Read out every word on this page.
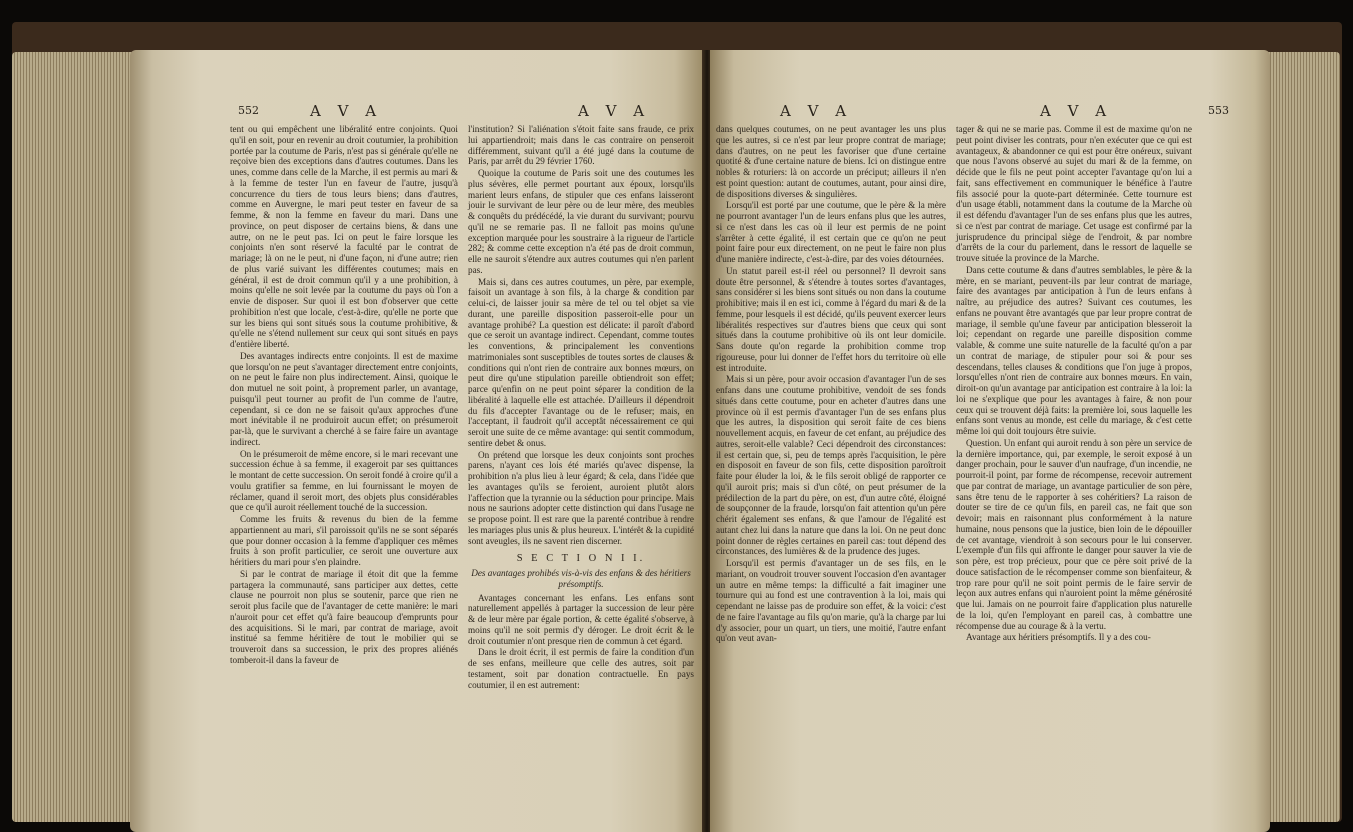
552	A V A	A V A

tent ou qui empêchent une libéralité entre conjoints. Quoi qu'il en soit, pour en revenir au droit coutumier, la prohibition portée par la coutume de Paris, n'est pas si générale qu'elle ne reçoive bien des exceptions dans d'autres coutumes. Dans les unes, comme dans celle de la Marche, il est permis au mari & à la femme de tester l'un en faveur de l'autre, jusqu'à concurrence du tiers de tous leurs biens; dans d'autres, comme en Auvergne, le mari peut tester en faveur de sa femme, & non la femme en faveur du mari. Dans une province, on peut disposer de certains biens, & dans une autre, on ne le peut pas. Ici on peut le faire lorsque les conjoints n'en sont réservé la faculté par le contrat de mariage; là on ne le peut, ni d'une façon, ni d'une autre; rien de plus varié suivant les différentes coutumes; mais en général, il est de droit commun qu'il y a une prohibition, à moins qu'elle ne soit levée par la coutume du pays où l'on a envie de disposer. Sur quoi il est bon d'observer que cette prohibition n'est que locale, c'est-à-dire, qu'elle ne porte que sur les biens qui sont situés sous la coutume prohibitive, & qu'elle ne s'étend nullement sur ceux qui sont situés en pays d'entière liberté.

Des avantages indirects entre conjoints. Il est de maxime que lorsqu'on ne peut s'avantager directement entre conjoints, on ne peut le faire non plus indirectement. Ainsi, quoique le don mutuel ne soit point, à proprement parler, un avantage, puisqu'il peut tourner au profit de l'un comme de l'autre, cependant, si ce don ne se faisoit qu'aux approches d'une mort inévitable il ne produiroit aucun effet; on présumeroit par-là, que le survivant a cherché à se faire faire un avantage indirect.

On le présumeroit de même encore, si le mari recevant une succession échue à sa femme, il exageroit par ses quittances le montant de cette succession. On seroit fondé à croire qu'il a voulu gratifier sa femme, en lui fournissant le moyen de réclamer, quand il seroit mort, des objets plus considérables que ce qu'il auroit réellement touché de la succession.

Comme les fruits & revenus du bien de la femme appartiennent au mari, s'il paroissoit qu'ils ne se sont séparés que pour donner occasion à la femme d'appliquer ces mêmes fruits à son profit particulier, ce seroit une ouverture aux héritiers du mari pour s'en plaindre.

Si par le contrat de mariage il étoit dit que la femme partagera la communauté, sans participer aux dettes, cette clause ne pourroit non plus se soutenir, parce que rien ne seroit plus facile que de l'avantager de cette manière: le mari n'auroit pour cet effet qu'à faire beaucoup d'emprunts pour des acquisitions. Si le mari, par contrat de mariage, avoit institué sa femme héritière de tout le mobilier qui se trouveroit dans sa succession, le prix des propres aliénés tomberoit-il dans la faveur de

l'institution? Si l'aliénation s'étoit faite sans fraude, ce prix lui appartiendroit; mais dans le cas contraire on penseroit différemment, suivant qu'il a été jugé dans la coutume de Paris, par arrêt du 29 février 1760.

Quoique la coutume de Paris soit une des coutumes les plus sévères, elle permet pourtant aux époux, lorsqu'ils marient leurs enfans, de stipuler que ces enfans laisseront jouir le survivant de leur père ou de leur mère, des meubles & conquêts du prédécédé, la vie durant du survivant; pourvu qu'il ne se remarie pas. Il ne falloit pas moins qu'une exception marquée pour les soustraire à la rigueur de l'article 282; & comme cette exception n'a été pas de droit commun, elle ne sauroit s'étendre aux autres coutumes qui n'en parlent pas.

Mais si, dans ces autres coutumes, un père, par exemple, faisoit un avantage à son fils, à la charge & condition par celui-ci, de laisser jouir sa mère de tel ou tel objet sa vie durant, une pareille disposition passeroit-elle pour un avantage prohibé? La question est délicate: il paroît d'abord que ce seroit un avantage indirect. Cependant, comme toutes les conventions, & principalement les conventions matrimoniales sont susceptibles de toutes sortes de clauses & conditions qui n'ont rien de contraire aux bonnes mœurs, on peut dire qu'une stipulation pareille obtiendroit son effet; parce qu'enfin on ne peut point séparer la condition de la libéralité à laquelle elle est attachée. D'ailleurs il dépendroit du fils d'accepter l'avantage ou de le refuser; mais, en l'acceptant, il faudroit qu'il acceptât nécessairement ce qui seroit une suite de ce même avantage: qui sentit commodum, sentire debet & onus.

On prétend que lorsque les deux conjoints sont proches parens, n'ayant ces lois été mariés qu'avec dispense, la prohibition n'a plus lieu à leur égard; & cela, dans l'idée que les avantages qu'ils se feroient, auroient plutôt alors l'affection que la tyrannie ou la séduction pour principe. Mais nous ne saurions adopter cette distinction qui dans l'usage ne se propose point. Il est rare que la parenté contribue à rendre les mariages plus unis & plus heureux. L'intérêt & la cupidité sont aveugles, ils ne savent rien discerner.

S E C T I O N I I.
Des avantages prohibés vis-à-vis des enfans & des héritiers présomptifs.

Avantages concernant les enfans. Les enfans sont naturellement appellés à partager la succession de leur père & de leur mère par égale portion, & cette égalité s'observe, à moins qu'il ne soit permis d'y déroger. Le droit écrit & le droit coutumier n'ont presque rien de commun à cet égard.

Dans le droit écrit, il est permis de faire la condition d'un de ses enfans, meilleure que celle des autres, soit par testament, soit par donation contractuelle. En pays coutumier, il en est autrement:

A V A	A V A	553

dans quelques coutumes, on ne peut avantager les uns plus que les autres, si ce n'est par leur propre contrat de mariage; dans d'autres, on ne peut les favoriser que d'une certaine quotité & d'une certaine nature de biens. Ici on distingue entre nobles & roturiers: là on accorde un préciput; ailleurs il n'en est point question: autant de coutumes, autant, pour ainsi dire, de dispositions diverses & singulières.

Lorsqu'il est porté par une coutume, que le père & la mère ne pourront avantager l'un de leurs enfans plus que les autres, si ce n'est dans les cas où il leur est permis de ne point s'arrêter à cette égalité, il est certain que ce qu'on ne peut point faire pour eux directement, on ne peut le faire non plus d'une manière indirecte, c'est-à-dire, par des voies détournées.

Un statut pareil est-il réel ou personnel? Il devroit sans doute être personnel, & s'étendre à toutes sortes d'avantages, sans considérer si les biens sont situés ou non dans la coutume prohibitive; mais il en est ici, comme à l'égard du mari & de la femme, pour lesquels il est décidé, qu'ils peuvent exercer leurs libéralités respectives sur d'autres biens que ceux qui sont situés dans la coutume prohibitive où ils ont leur domicile. Sans doute qu'on regarde la prohibition comme trop rigoureuse, pour lui donner de l'effet hors du territoire où elle est introduite.

Mais si un père, pour avoir occasion d'avantager l'un de ses enfans dans une coutume prohibitive, vendoit de ses fonds situés dans cette coutume, pour en acheter d'autres dans une province où il est permis d'avantager l'un de ses enfans plus que les autres, la disposition qui seroit faite de ces biens nouvellement acquis, en faveur de cet enfant, au préjudice des autres, seroit-elle valable? Ceci dépendroit des circonstances: il est certain que, si, peu de temps après l'acquisition, le père en disposoit en faveur de son fils, cette disposition paroîtroit faite pour éluder la loi, & le fils seroit obligé de rapporter ce qu'il auroit pris; mais si d'un côté, on peut présumer de la prédilection de la part du père, on est, d'un autre côté, éloigné de soupçonner de la fraude, lorsqu'on fait attention qu'un père chérit également ses enfans, & que l'amour de l'égalité est autant chez lui dans la nature que dans la loi. On ne peut donc point donner de règles certaines en pareil cas: tout dépend des circonstances, des lumières & de la prudence des juges.

Lorsqu'il est permis d'avantager un de ses fils, en le mariant, on voudroit trouver souvent l'occasion d'en avantager un autre en même temps: la difficulté a fait imaginer une tournure qui au fond est une contravention à la loi, mais qui cependant ne laisse pas de produire son effet, & la voici: c'est de ne faire l'avantage au fils qu'on marie, qu'à la charge par lui d'y associer, pour un quart, un tiers, une moitié, l'autre enfant qu'on veut avan-

tager & qui ne se marie pas. Comme il est de maxime qu'on ne peut point diviser les contrats, pour n'en exécuter que ce qui est avantageux, & abandonner ce qui est pour être onéreux, suivant que nous l'avons observé au sujet du mari & de la femme, on décide que le fils ne peut point accepter l'avantage qu'on lui a fait, sans effectivement en communiquer le bénéfice à l'autre fils associé pour la quote-part déterminée. Cette tournure est d'un usage établi, notamment dans la coutume de la Marche où il est défendu d'avantager l'un de ses enfans plus que les autres, si ce n'est par contrat de mariage. Cet usage est confirmé par la jurisprudence du principal siège de l'endroit, & par nombre d'arrêts de la cour du parlement, dans le ressort de laquelle se trouve située la province de la Marche.

Dans cette coutume & dans d'autres semblables, le père & la mère, en se mariant, peuvent-ils par leur contrat de mariage, faire des avantages par anticipation à l'un de leurs enfans à naître, au préjudice des autres? Suivant ces coutumes, les enfans ne pouvant être avantagés que par leur propre contrat de mariage, il semble qu'une faveur par anticipation blesseroit la loi; cependant on regarde une pareille disposition comme valable, & comme une suite naturelle de la faculté qu'on a par un contrat de mariage, de stipuler pour soi & pour ses descendans, telles clauses & conditions que l'on juge à propos, lorsqu'elles n'ont rien de contraire aux bonnes mœurs. En vain, diroit-on qu'un avantage par anticipation est contraire à la loi: la loi ne s'explique que pour les avantages à faire, & non pour ceux qui se trouvent déjà faits: la première loi, sous laquelle les enfans sont venus au monde, est celle du mariage, & c'est cette même loi qui doit toujours être suivie.

Question. Un enfant qui auroit rendu à son père un service de la dernière importance, qui, par exemple, le seroit exposé à un danger prochain, pour le sauver d'un naufrage, d'un incendie, ne pourroit-il point, par forme de récompense, recevoir autrement que par contrat de mariage, un avantage particulier de son père, sans être tenu de le rapporter à ses cohéritiers? La raison de douter se tire de ce qu'un fils, en pareil cas, ne fait que son devoir; mais en raisonnant plus conformément à la nature humaine, nous pensons que la justice, bien loin de le dépouiller de cet avantage, viendroit à son secours pour le lui conserver. L'exemple d'un fils qui affronte le danger pour sauver la vie de son père, est trop précieux, pour que ce père soit privé de la douce satisfaction de le récompenser comme son bienfaiteur, & trop rare pour qu'il ne soit point permis de le faire servir de leçon aux autres enfans qui n'auroient point la même générosité que lui. Jamais on ne pourroit faire d'application plus naturelle de la loi, qu'en l'employant en pareil cas, à combattre une récompense due au courage & à la vertu.

Avantage aux héritiers présomptifs. Il y a des cou-
